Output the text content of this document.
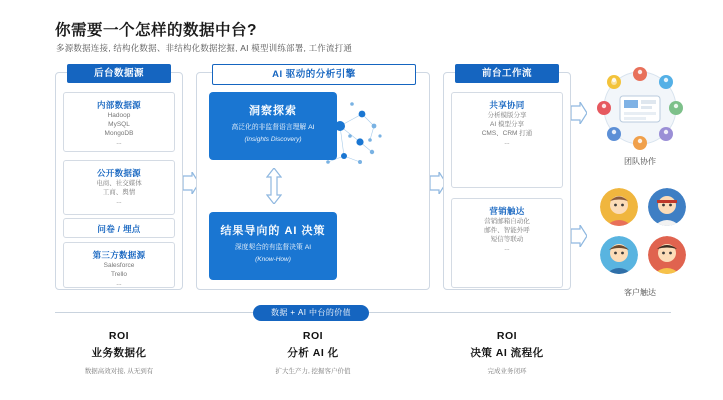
你需要一个怎样的数据中台?
多源数据连接, 结构化数据、非结构化数据挖掘, AI 模型训练部署, 工作流打通
后台数据源
内部数据源
Hadoop
MySQL
MongoDB
...
公开数据源
电商、社交媒体
工商、舆情
...
问卷 / 埋点
第三方数据源
Salesforce
Trello
...
AI 驱动的分析引擎
洞察探索
高泛化的非监督语言理解 AI
(Insights Discovery)
结果导向的 AI 决策
深度契合的有监督决策 AI
(Know-How)
前台工作流
共享协同
分析模版分享
AI 模型分享
CMS、CRM 打通
...
营销触达
营销邮箱自动化
邮件、智能外呼
短信等联动
...
团队协作
客户触达
数据 + AI 中台的价值
ROI
业务数据化
数据高效对接, 从无到有
ROI
分析 AI 化
扩大生产力, 挖掘客户价值
ROI
决策 AI 流程化
完成业务闭环
